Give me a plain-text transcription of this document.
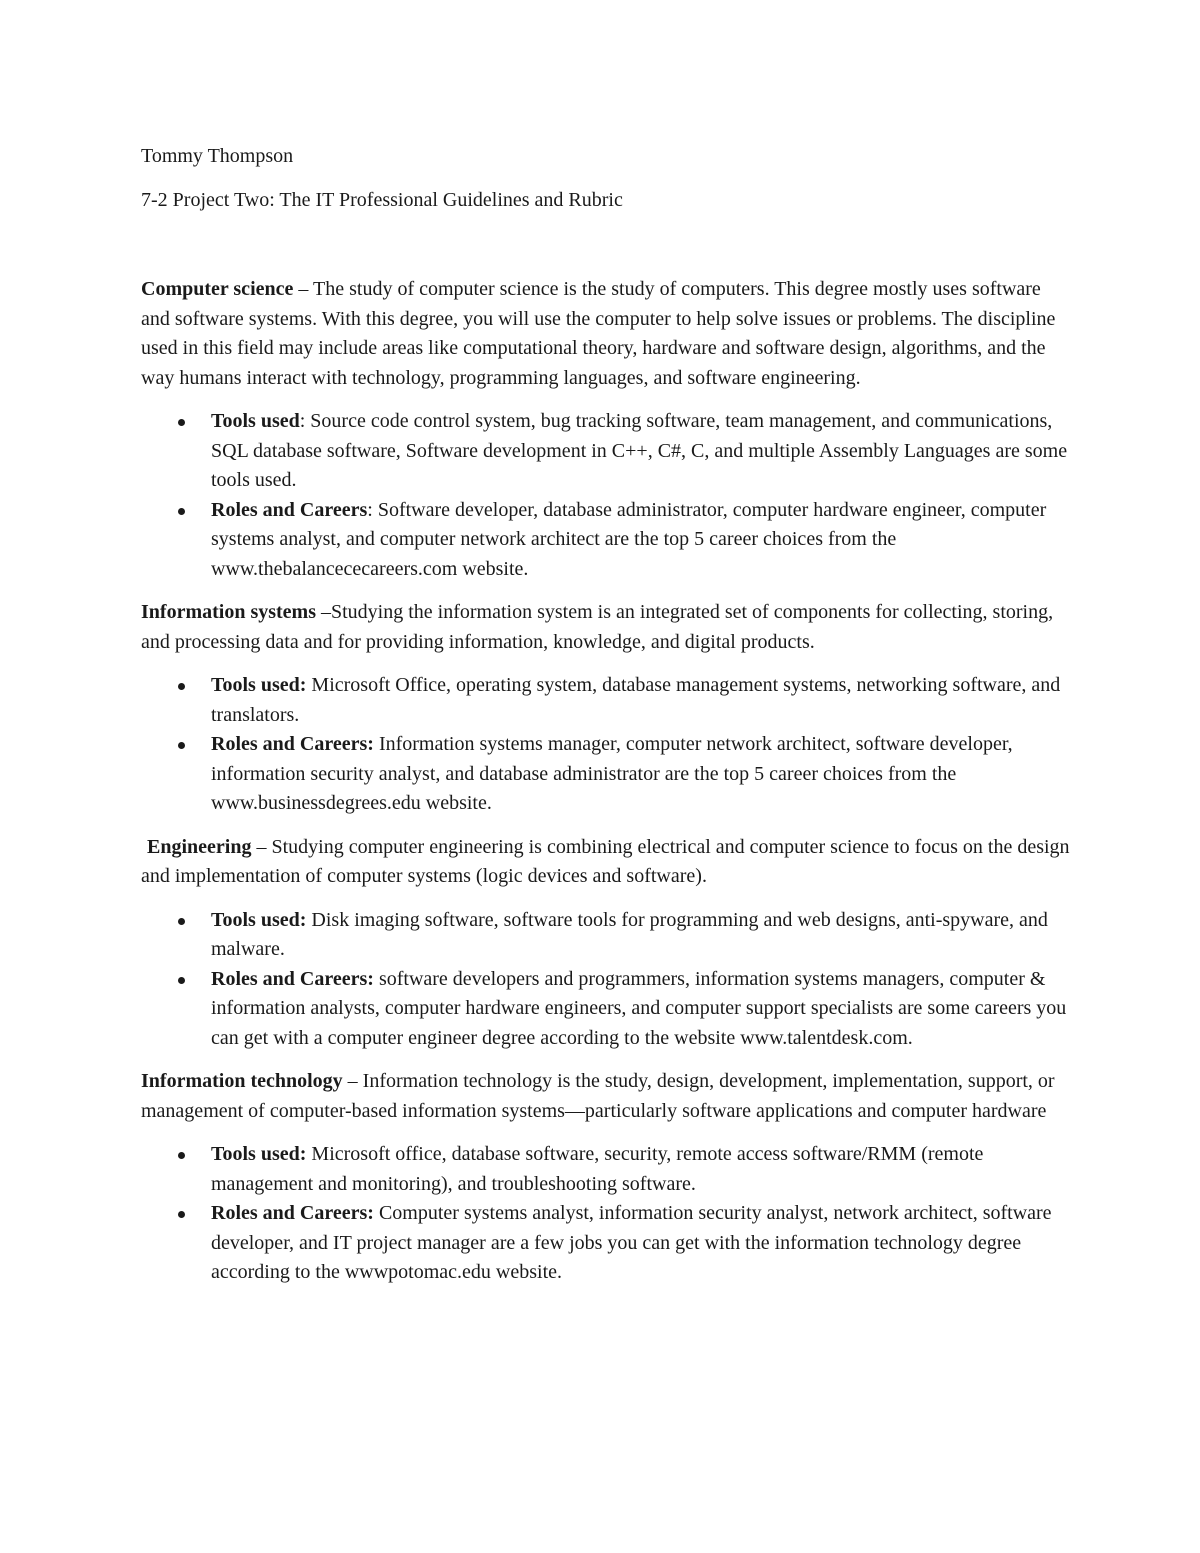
Tommy Thompson

7-2 Project Two: The IT Professional Guidelines and Rubric

Computer science – The study of computer science is the study of computers. This degree mostly uses software and software systems. With this degree, you will use the computer to help solve issues or problems. The discipline used in this field may include areas like computational theory, hardware and software design, algorithms, and the way humans interact with technology, programming languages, and software engineering.

Tools used: Source code control system, bug tracking software, team management, and communications, SQL database software, Software development in C++, C#, C, and multiple Assembly Languages are some tools used.
Roles and Careers: Software developer, database administrator, computer hardware engineer, computer systems analyst, and computer network architect are the top 5 career choices from the www.thebalancececareers.com website.

Information systems –Studying the information system is an integrated set of components for collecting, storing, and processing data and for providing information, knowledge, and digital products.

Tools used: Microsoft Office, operating system, database management systems, networking software, and translators.
Roles and Careers: Information systems manager, computer network architect, software developer, information security analyst, and database administrator are the top 5 career choices from the www.businessdegrees.edu website.

Engineering – Studying computer engineering is combining electrical and computer science to focus on the design and implementation of computer systems (logic devices and software).

Tools used: Disk imaging software, software tools for programming and web designs, anti-spyware, and malware.
Roles and Careers: software developers and programmers, information systems managers, computer & information analysts, computer hardware engineers, and computer support specialists are some careers you can get with a computer engineer degree according to the website www.talentdesk.com.

Information technology – Information technology is the study, design, development, implementation, support, or management of computer-based information systems—particularly software applications and computer hardware

Tools used: Microsoft office, database software, security, remote access software/RMM (remote management and monitoring), and troubleshooting software.
Roles and Careers: Computer systems analyst, information security analyst, network architect, software developer, and IT project manager are a few jobs you can get with the information technology degree according to the wwwpotomac.edu website.
